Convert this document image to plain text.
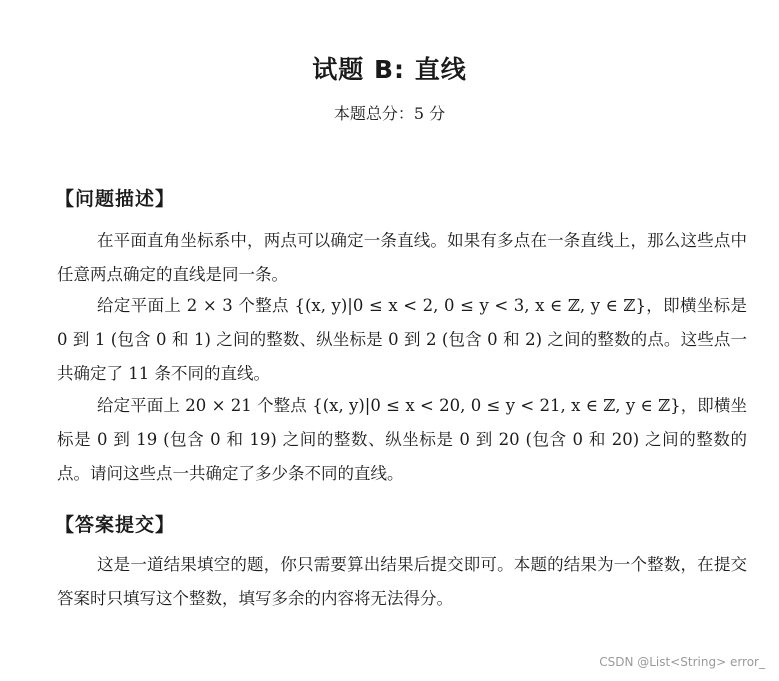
试题 B: 直线
本题总分：5 分
【问题描述】

在平面直角坐标系中，两点可以确定一条直线。如果有多点在一条直线上，那么这些点中任意两点确定的直线是同一条。

给定平面上 2 × 3 个整点 {(x, y)|0 ≤ x < 2, 0 ≤ y < 3, x ∈ ℤ, y ∈ ℤ}，即横坐标是 0 到 1 (包含 0 和 1) 之间的整数、纵坐标是 0 到 2 (包含 0 和 2) 之间的整数的点。这些点一共确定了 11 条不同的直线。

给定平面上 20 × 21 个整点 {(x, y)|0 ≤ x < 20, 0 ≤ y < 21, x ∈ ℤ, y ∈ ℤ}，即横坐标是 0 到 19 (包含 0 和 19) 之间的整数、纵坐标是 0 到 20 (包含 0 和 20) 之间的整数的点。请问这些点一共确定了多少条不同的直线。

【答案提交】

这是一道结果填空的题，你只需要算出结果后提交即可。本题的结果为一个整数，在提交答案时只填写这个整数，填写多余的内容将无法得分。

CSDN @List<String> error_
